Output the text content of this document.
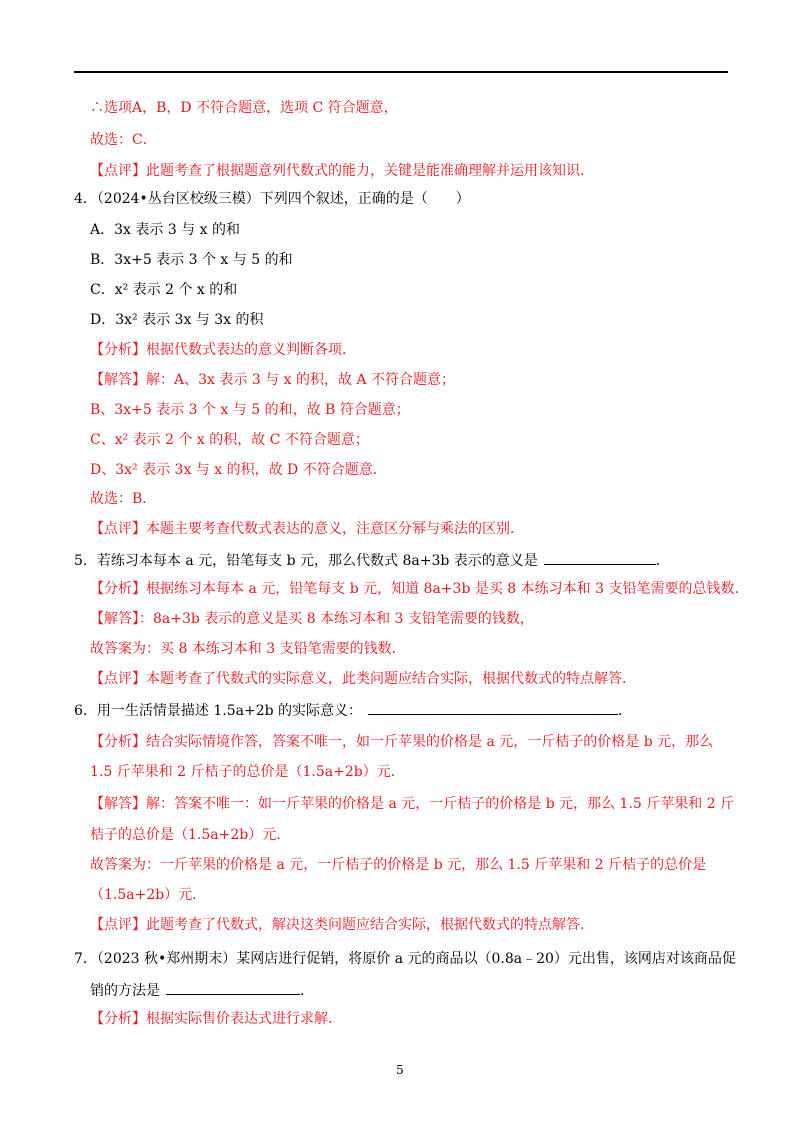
∴选项A，B，D 不符合题意，选项 C 符合题意，
故选：C．
【点评】此题考查了根据题意列代数式的能力，关键是能准确理解并运用该知识．
4．（2024•丛台区校级三模）下列四个叙述，正确的是（　　）
A．3x 表示 3 与 x 的和
B．3x+5 表示 3 个 x 与 5 的和
C．x² 表示 2 个 x 的和
D．3x² 表示 3x 与 3x 的积
【分析】根据代数式表达的意义判断各项．
【解答】解：A、3x 表示 3 与 x 的积，故 A 不符合题意；
B、3x+5 表示 3 个 x 与 5 的和，故 B 符合题意；
C、x² 表示 2 个 x 的积，故 C 不符合题意；
D、3x² 表示 3x 与 x 的积，故 D 不符合题意．
故选：B．
【点评】本题主要考查代数式表达的意义，注意区分幂与乘法的区别．
5．若练习本每本 a 元，铅笔每支 b 元，那么代数式 8a+3b 表示的意义是	．
【分析】根据练习本每本 a 元，铅笔每支 b 元，知道 8a+3b 是买 8 本练习本和 3 支铅笔需要的总钱数．
【解答】：8a+3b 表示的意义是买 8 本练习本和 3 支铅笔需要的钱数，
故答案为：买 8 本练习本和 3 支铅笔需要的钱数．
【点评】本题考查了代数式的实际意义，此类问题应结合实际，根据代数式的特点解答．
6．用一生活情景描述 1.5a+2b 的实际意义：	．
【分析】结合实际情境作答，答案不唯一，如一斤苹果的价格是 a 元，一斤桔子的价格是 b 元，那么
1.5 斤苹果和 2 斤桔子的总价是（1.5a+2b）元．
【解答】解：答案不唯一：如一斤苹果的价格是 a 元，一斤桔子的价格是 b 元，那么 1.5 斤苹果和 2 斤
桔子的总价是（1.5a+2b）元．
故答案为：一斤苹果的价格是 a 元，一斤桔子的价格是 b 元，那么 1.5 斤苹果和 2 斤桔子的总价是
（1.5a+2b）元．
【点评】此题考查了代数式，解决这类问题应结合实际，根据代数式的特点解答．
7．（2023 秋•郑州期末）某网店进行促销，将原价 a 元的商品以（0.8a﹣20）元出售，该网店对该商品促
销的方法是	．
【分析】根据实际售价表达式进行求解．
5
